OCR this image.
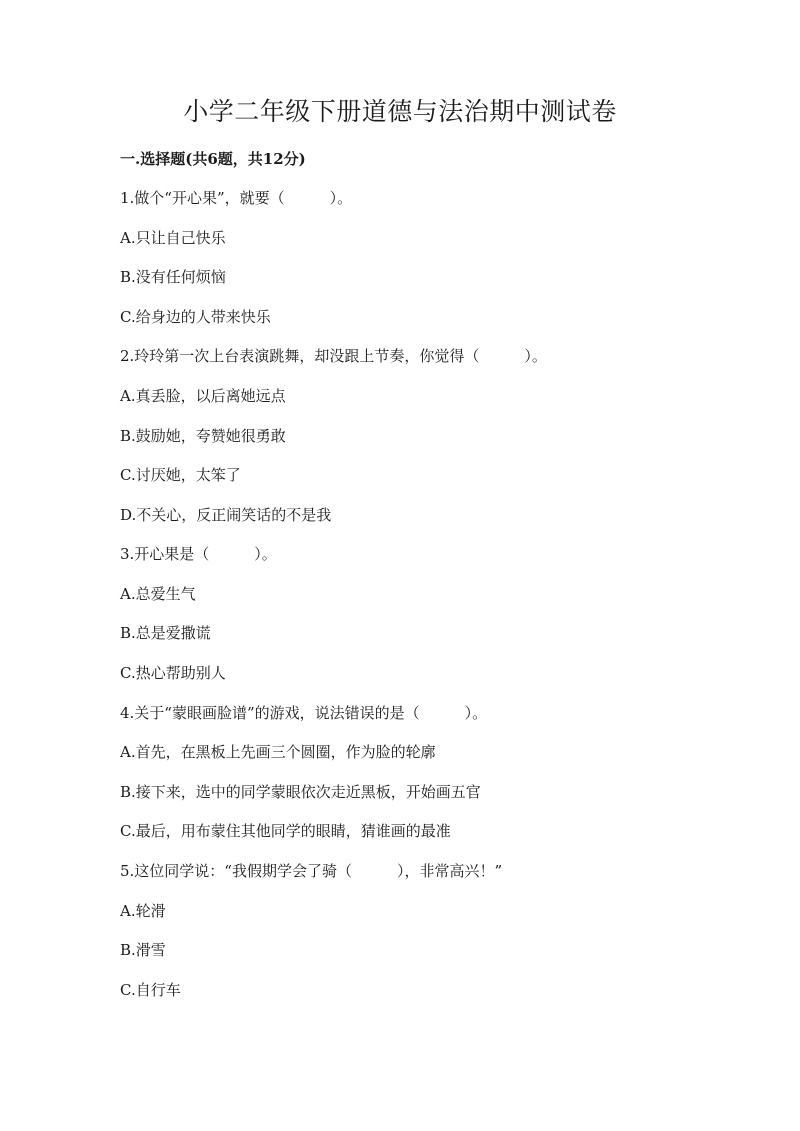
小学二年级下册道德与法治期中测试卷
一.选择题(共6题，共12分)
1.做个“开心果”，就要（　　　）。
A.只让自己快乐
B.没有任何烦恼
C.给身边的人带来快乐
2.玲玲第一次上台表演跳舞，却没跟上节奏，你觉得（　　　）。
A.真丢脸，以后离她远点
B.鼓励她，夸赞她很勇敢
C.讨厌她，太笨了
D.不关心，反正闹笑话的不是我
3.开心果是（　　　）。
A.总爱生气
B.总是爱撒谎
C.热心帮助别人
4.关于“蒙眼画脸谱”的游戏，说法错误的是（　　　）。
A.首先，在黑板上先画三个圆圈，作为脸的轮廓
B.接下来，选中的同学蒙眼依次走近黑板，开始画五官
C.最后，用布蒙住其他同学的眼睛，猜谁画的最准
5.这位同学说：“我假期学会了骑（　　　），非常高兴！”
A.轮滑
B.滑雪
C.自行车
